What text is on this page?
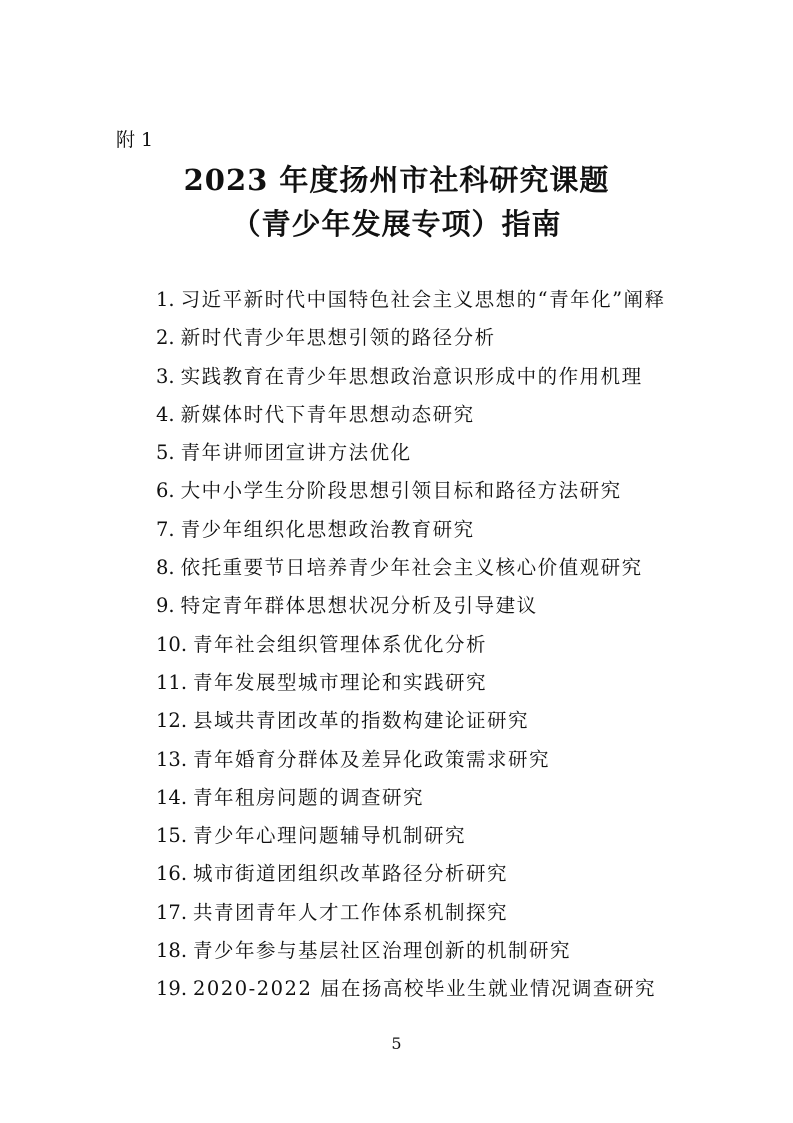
附 1

2023 年度扬州市社科研究课题
（青少年发展专项）指南
1. 习近平新时代中国特色社会主义思想的“青年化”阐释
2. 新时代青少年思想引领的路径分析
3. 实践教育在青少年思想政治意识形成中的作用机理
4. 新媒体时代下青年思想动态研究
5. 青年讲师团宣讲方法优化
6. 大中小学生分阶段思想引领目标和路径方法研究
7. 青少年组织化思想政治教育研究
8. 依托重要节日培养青少年社会主义核心价值观研究
9. 特定青年群体思想状况分析及引导建议
10. 青年社会组织管理体系优化分析
11. 青年发展型城市理论和实践研究
12. 县域共青团改革的指数构建论证研究
13. 青年婚育分群体及差异化政策需求研究
14. 青年租房问题的调查研究
15. 青少年心理问题辅导机制研究
16. 城市街道团组织改革路径分析研究
17. 共青团青年人才工作体系机制探究
18. 青少年参与基层社区治理创新的机制研究
19. 2020-2022 届在扬高校毕业生就业情况调查研究

5
